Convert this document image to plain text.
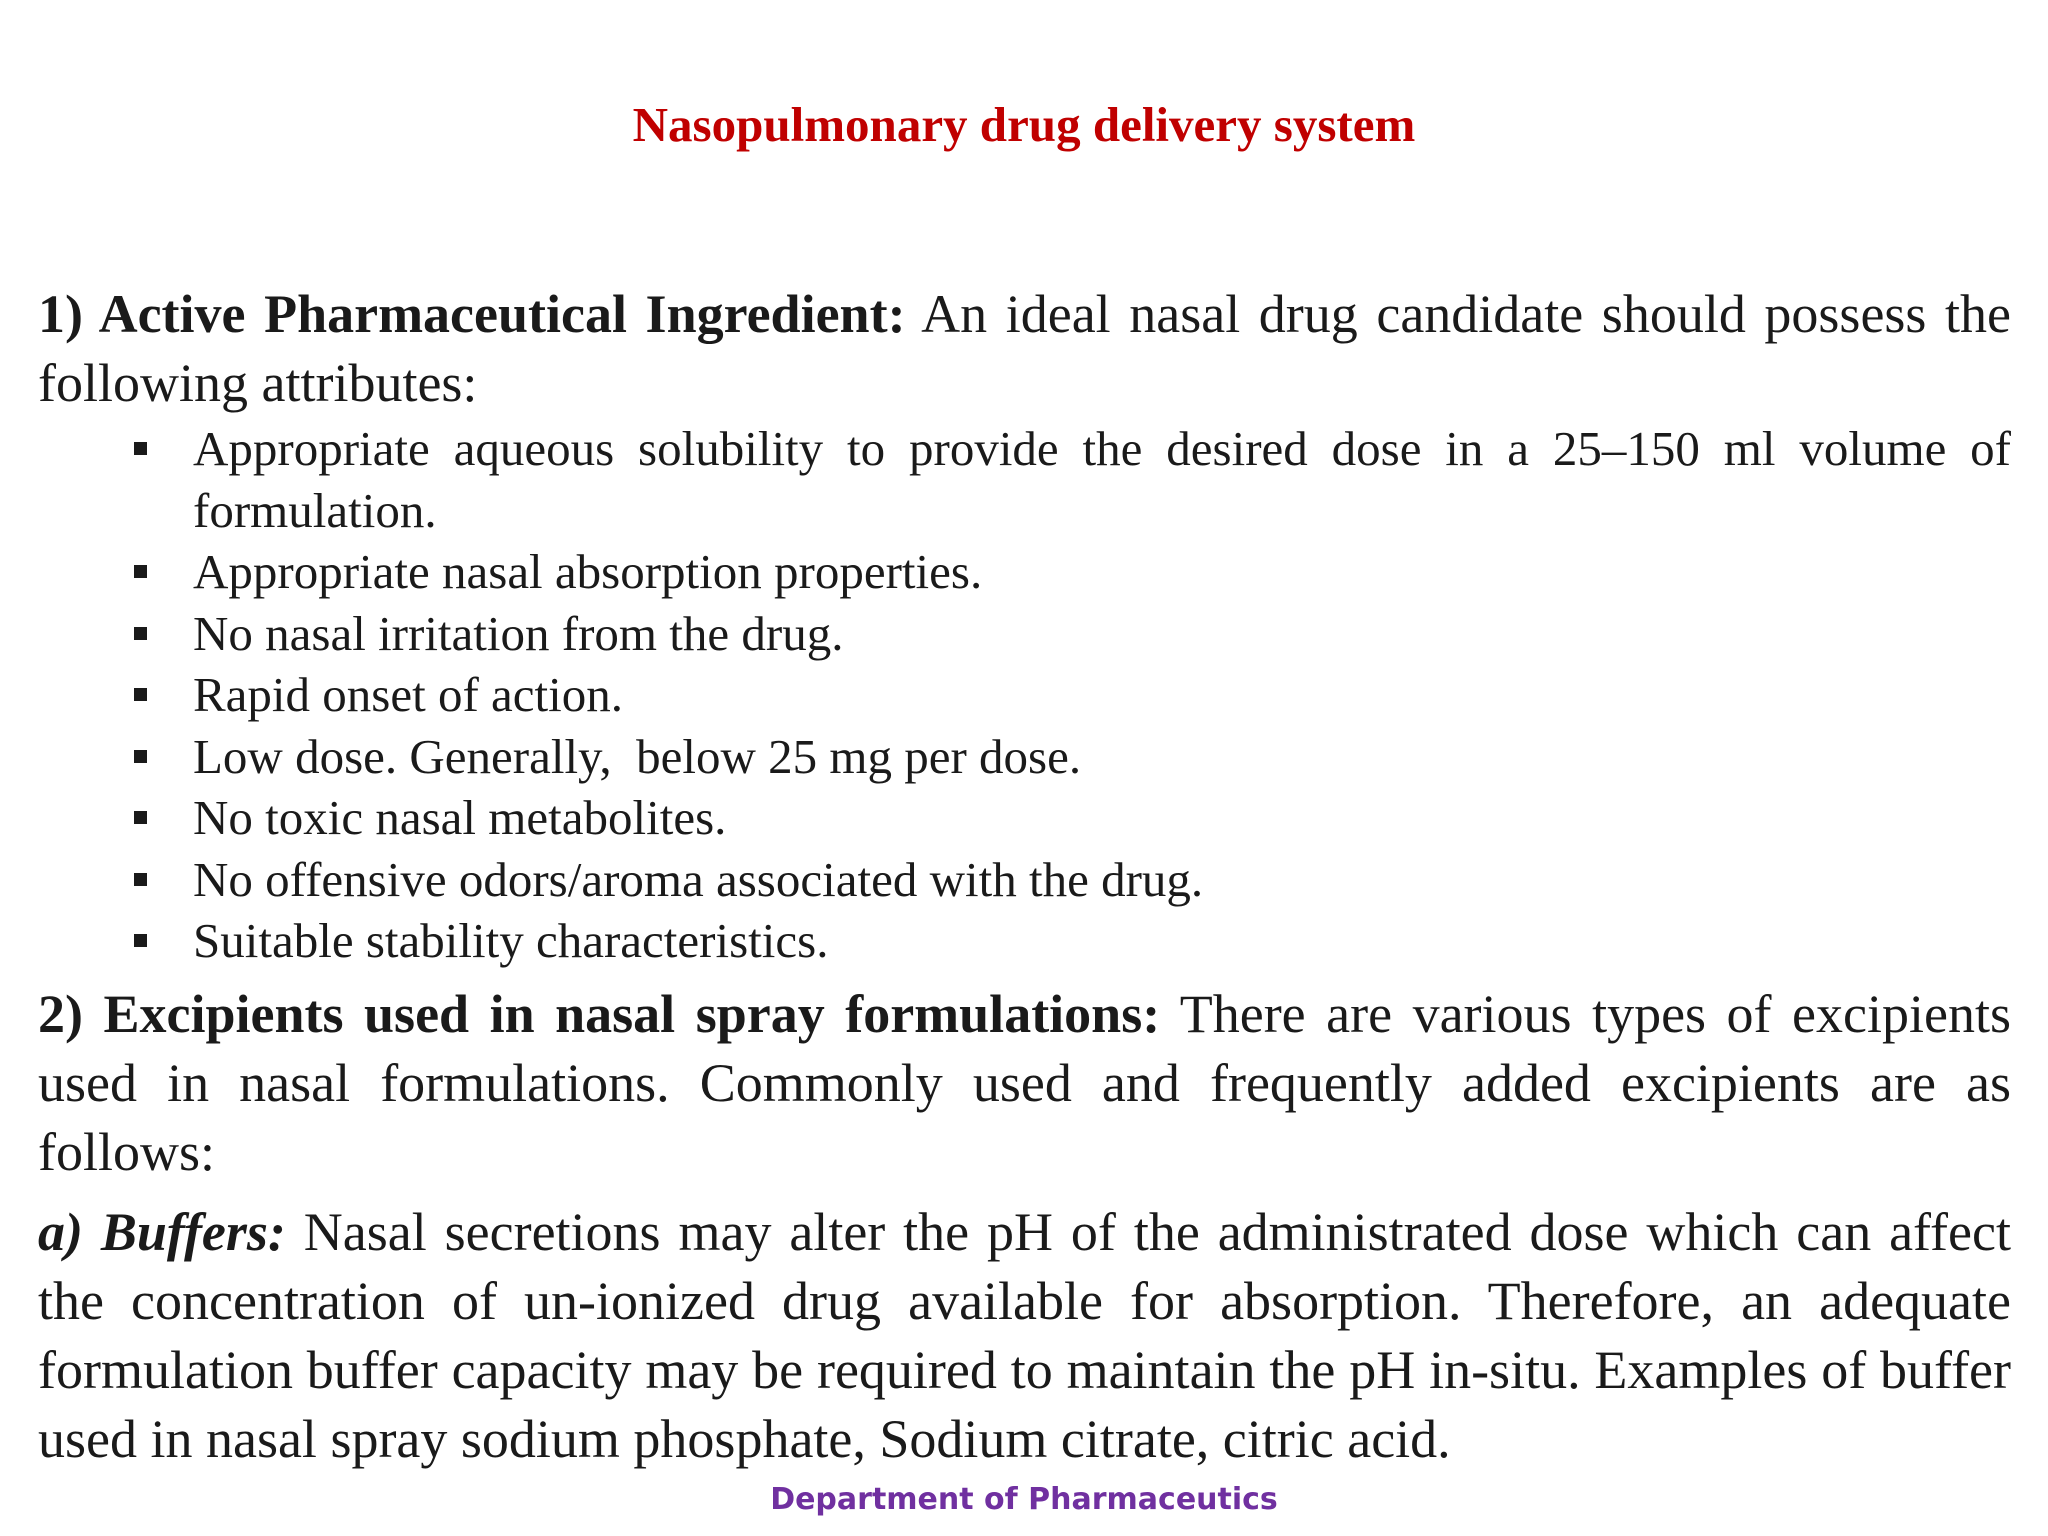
Nasopulmonary drug delivery system

1) Active Pharmaceutical Ingredient: An ideal nasal drug candidate should possess the following attributes:

Appropriate aqueous solubility to provide the desired dose in a 25–150 ml volume of formulation.
Appropriate nasal absorption properties.
No nasal irritation from the drug.
Rapid onset of action.
Low dose. Generally,  below 25 mg per dose.
No toxic nasal metabolites.
No offensive odors/aroma associated with the drug.
Suitable stability characteristics.

2) Excipients used in nasal spray formulations: There are various types of excipients used in nasal formulations. Commonly used and frequently added excipients are as follows:

a) Buffers: Nasal secretions may alter the pH of the administrated dose which can affect the concentration of un-ionized drug available for absorption. Therefore, an adequate formulation buffer capacity may be required to maintain the pH in-situ. Examples of buffer used in nasal spray sodium phosphate, Sodium citrate, citric acid.

Department of Pharmaceutics
